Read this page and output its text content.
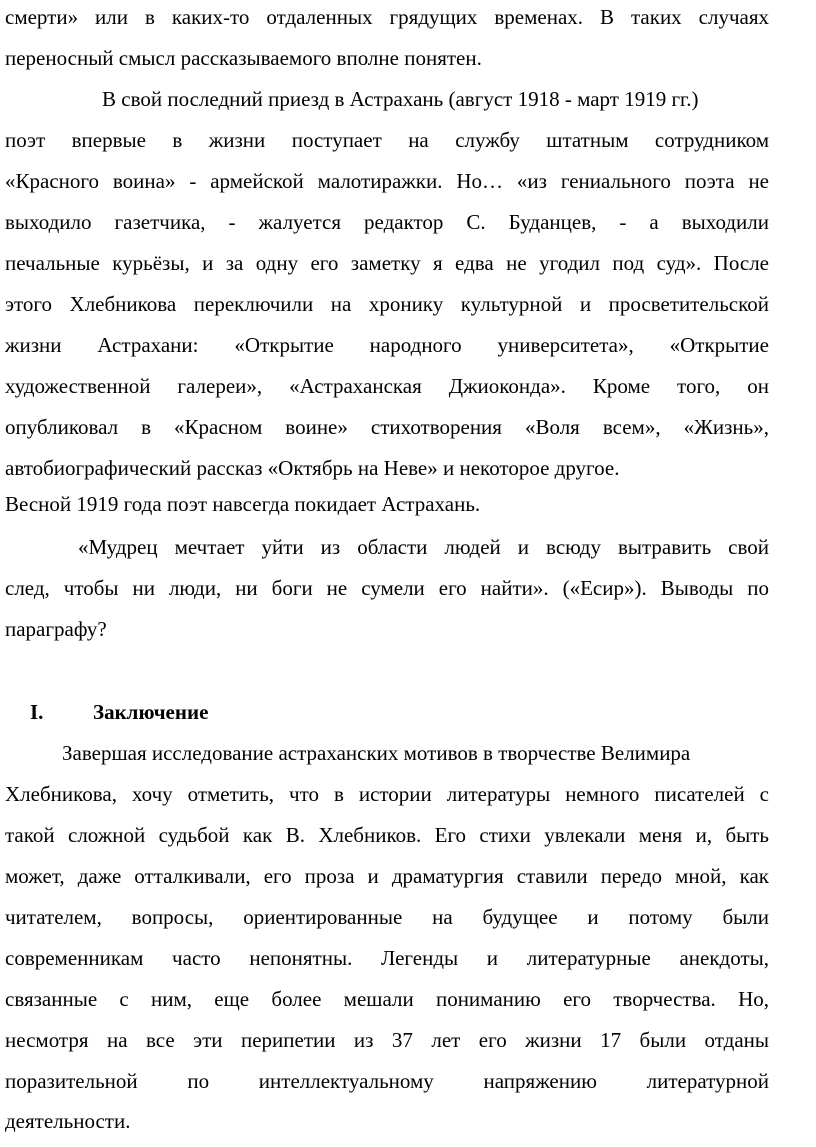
смерти» или в каких-то отдаленных грядущих временах. В таких случаях
переносный смысл рассказываемого вполне понятен.
В свой последний приезд в Астрахань (август 1918 - март 1919 гг.)
поэт впервые в жизни поступает на службу штатным сотрудником
«Красного воина» - армейской малотиражки. Но… «из гениального поэта не
выходило газетчика, - жалуется редактор С. Буданцев, - а выходили
печальные курьёзы, и за одну его заметку я едва не угодил под суд». После
этого Хлебникова переключили на хронику культурной и просветительской
жизни Астрахани: «Открытие народного университета», «Открытие
художественной галереи», «Астраханская Джиоконда». Кроме того, он
опубликовал в «Красном воине» стихотворения «Воля всем», «Жизнь»,
автобиографический рассказ «Октябрь на Неве» и некоторое другое.
Весной 1919 года поэт навсегда покидает Астрахань.
«Мудрец мечтает уйти из области людей и всюду вытравить свой
след, чтобы ни люди, ни боги не сумели его найти». («Есир»). Выводы по
параграфу?
I. Заключение
Завершая исследование астраханских мотивов в творчестве Велимира
Хлебникова, хочу отметить, что в истории литературы немного писателей с
такой сложной судьбой как В. Хлебников. Его стихи увлекали меня и, быть
может, даже отталкивали, его проза и драматургия ставили передо мной, как
читателем, вопросы, ориентированные на будущее и потому были
современникам часто непонятны. Легенды и литературные анекдоты,
связанные с ним, еще более мешали пониманию его творчества. Но,
несмотря на все эти перипетии из 37 лет его жизни 17 были отданы
поразительной по интеллектуальному напряжению литературной
деятельности.
